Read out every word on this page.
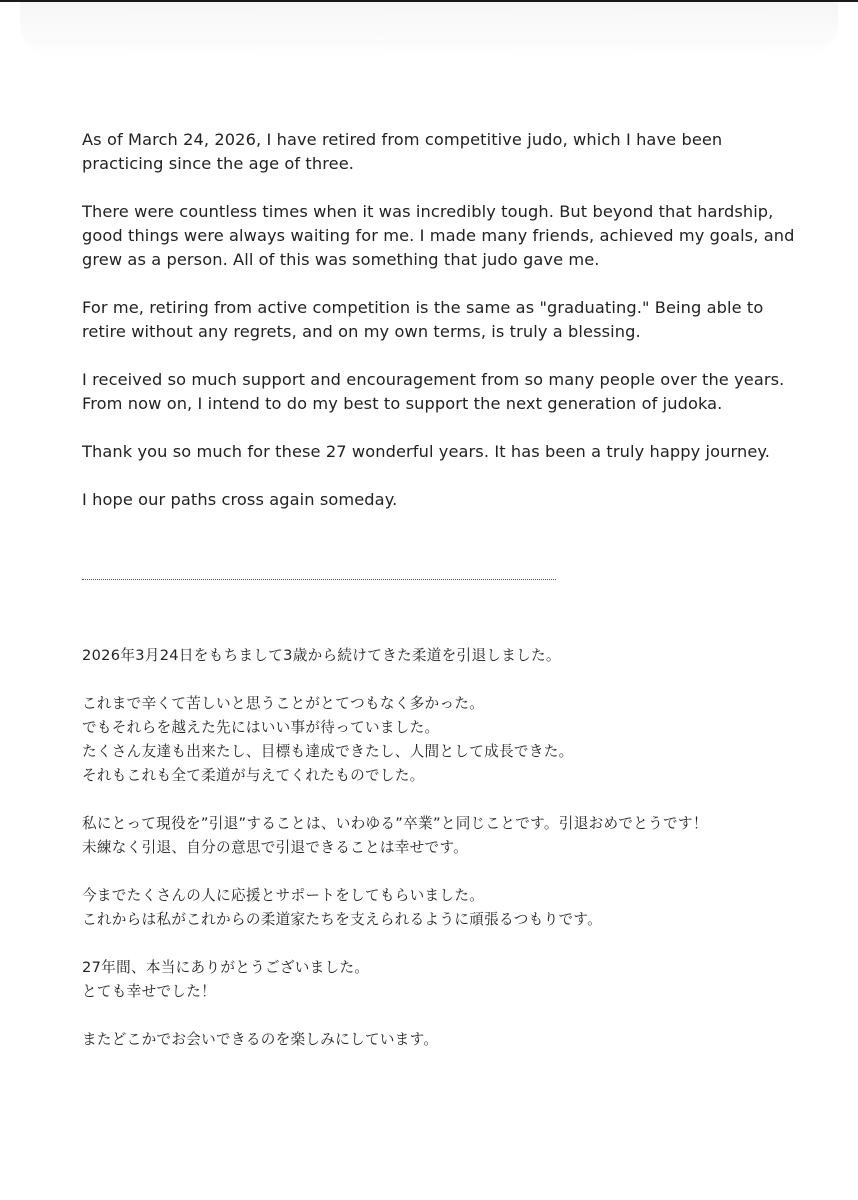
As of March 24, 2026, I have retired from competitive judo, which I have been practicing since the age of three.

There were countless times when it was incredibly tough. But beyond that hardship, good things were always waiting for me. I made many friends, achieved my goals, and grew as a person. All of this was something that judo gave me.

For me, retiring from active competition is the same as "graduating." Being able to retire without any regrets, and on my own terms, is truly a blessing.

I received so much support and encouragement from so many people over the years. From now on, I intend to do my best to support the next generation of judoka.

Thank you so much for these 27 wonderful years. It has been a truly happy journey.

I hope our paths cross again someday.

2026年3月24日をもちまして3歳から続けてきた柔道を引退しました。

これまで辛くて苦しいと思うことがとてつもなく多かった。
でもそれらを越えた先にはいい事が待っていました。
たくさん友達も出来たし、目標も達成できたし、人間として成長できた。
それもこれも全て柔道が与えてくれたものでした。

私にとって現役を”引退”することは、いわゆる”卒業”と同じことです。引退おめでとうです！
未練なく引退、自分の意思で引退できることは幸せです。

今までたくさんの人に応援とサポートをしてもらいました。
これからは私がこれからの柔道家たちを支えられるように頑張るつもりです。

27年間、本当にありがとうございました。
とても幸せでした！

またどこかでお会いできるのを楽しみにしています。
